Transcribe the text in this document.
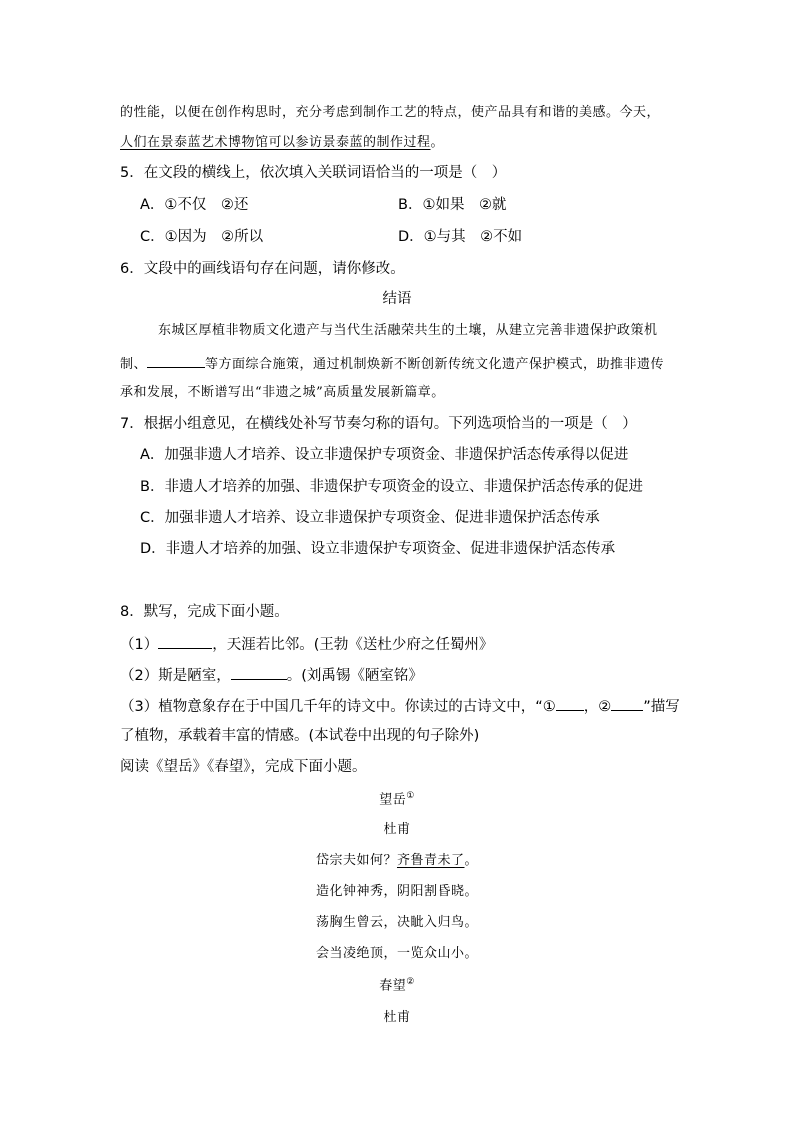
的性能，以便在创作构思时，充分考虑到制作工艺的特点，使产品具有和谐的美感。今天，
人们在景泰蓝艺术博物馆可以参访景泰蓝的制作过程。
5．在文段的横线上，依次填入关联词语恰当的一项是（　）
A．①不仅　②还	B．①如果　②就
C．①因为　②所以	D．①与其　②不如
6．文段中的画线语句存在问题，请你修改。
结语
东城区厚植非物质文化遗产与当代生活融荣共生的土壤，从建立完善非遗保护政策机
制、	等方面综合施策，通过机制焕新不断创新传统文化遗产保护模式，助推非遗传
承和发展，不断谱写出“非遗之城”高质量发展新篇章。
7．根据小组意见，在横线处补写节奏匀称的语句。下列选项恰当的一项是（　）
A．加强非遗人才培养、设立非遗保护专项资金、非遗保护活态传承得以促进
B．非遗人才培养的加强、非遗保护专项资金的设立、非遗保护活态传承的促进
C．加强非遗人才培养、设立非遗保护专项资金、促进非遗保护活态传承
D．非遗人才培养的加强、设立非遗保护专项资金、促进非遗保护活态传承
8．默写，完成下面小题。
（1）	，天涯若比邻。(王勃《送杜少府之任蜀州》
（2）斯是陋室，	。(刘禹锡《陋室铭》
（3）植物意象存在于中国几千年的诗文中。你读过的古诗文中，“① ，② ”描写
了植物，承载着丰富的情感。(本试卷中出现的句子除外)
阅读《望岳》《春望》，完成下面小题。
望岳①
杜甫
岱宗夫如何？齐鲁青未了。
造化钟神秀，阴阳割昏晓。
荡胸生曾云，决眦入归鸟。
会当凌绝顶，一览众山小。
春望②
杜甫
